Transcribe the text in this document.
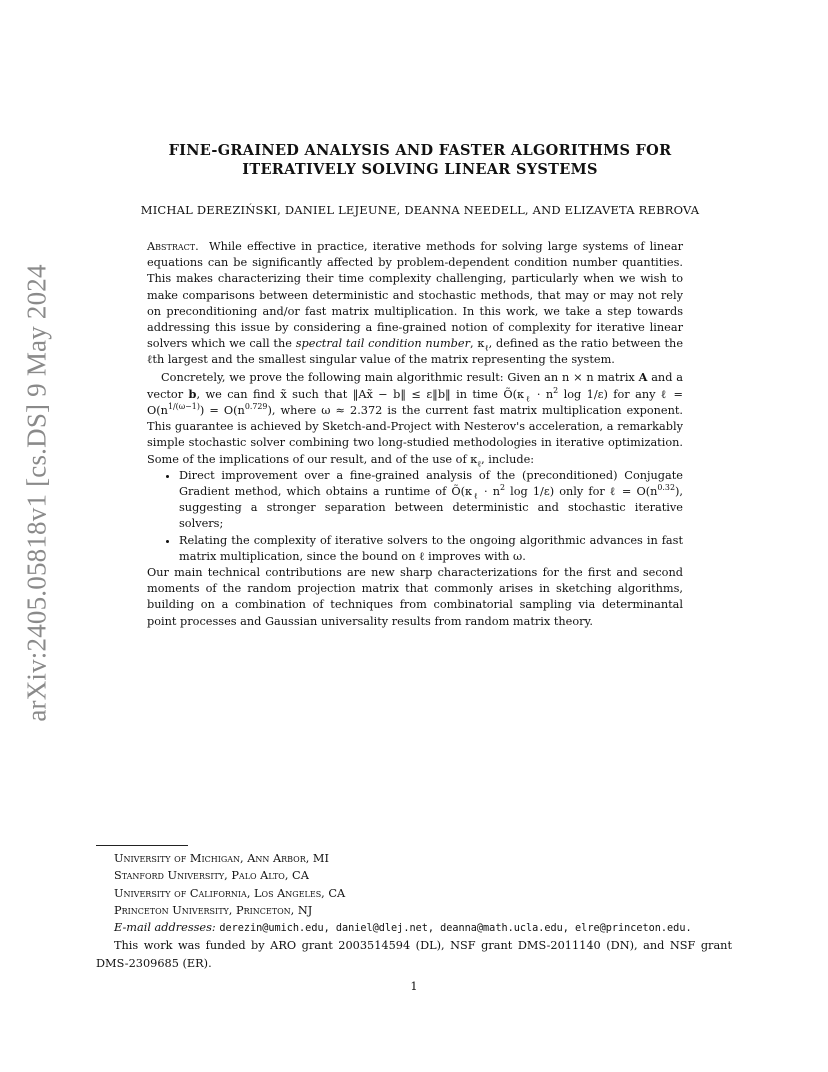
arXiv:2405.05818v1 [cs.DS] 9 May 2024
FINE-GRAINED ANALYSIS AND FASTER ALGORITHMS FOR
ITERATIVELY SOLVING LINEAR SYSTEMS
MICHAL DEREZIŃSKI, DANIEL LEJEUNE, DEANNA NEEDELL, AND ELIZAVETA REBROVA

Abstract. While effective in practice, iterative methods for solving large systems of linear equations can be significantly affected by problem-dependent condition number quantities. This makes characterizing their time complexity challenging, particularly when we wish to make comparisons between deterministic and stochastic methods, that may or may not rely on preconditioning and/or fast matrix multiplication. In this work, we take a step towards addressing this issue by considering a fine-grained notion of complexity for iterative linear solvers which we call the spectral tail condition number, $\kappa_\ell$, defined as the ratio between the ℓth largest and the smallest singular value of the matrix representing the system.

Concretely, we prove the following main algorithmic result: Given an n × n matrix A and a vector b, we can find x̃ such that ‖Ax̃ − b‖ ≤ ε‖b‖ in time $Õ(\kappa_\ell \cdot n^2$ log 1/ε) for any ℓ = $O(n^{1/(\omega-1)}) = O(n^{0.729})$, where ω ≈ 2.372 is the current fast matrix multiplication exponent. This guarantee is achieved by Sketch-and-Project with Nesterov's acceleration, a remarkably simple stochastic solver combining two long-studied methodologies in iterative optimization. Some of the implications of our result, and of the use of $\kappa_\ell$, include:

• Direct improvement over a fine-grained analysis of the (preconditioned) Conjugate Gradient method, which obtains a runtime of $Õ(\kappa_\ell \cdot n^2$ log 1/ε) only for ℓ = $O(n^{0.32})$, suggesting a stronger separation between deterministic and stochastic iterative solvers;
• Relating the complexity of iterative solvers to the ongoing algorithmic advances in fast matrix multiplication, since the bound on ℓ improves with ω.

Our main technical contributions are new sharp characterizations for the first and second moments of the random projection matrix that commonly arises in sketching algorithms, building on a combination of techniques from combinatorial sampling via determinantal point processes and Gaussian universality results from random matrix theory.

University of Michigan, Ann Arbor, MI
Stanford University, Palo Alto, CA
University of California, Los Angeles, CA
Princeton University, Princeton, NJ
E-mail addresses: derezin@umich.edu, daniel@dlej.net, deanna@math.ucla.edu, elre@princeton.edu.
This work was funded by ARO grant 2003514594 (DL), NSF grant DMS-2011140 (DN), and NSF grant DMS-2309685 (ER).
1
